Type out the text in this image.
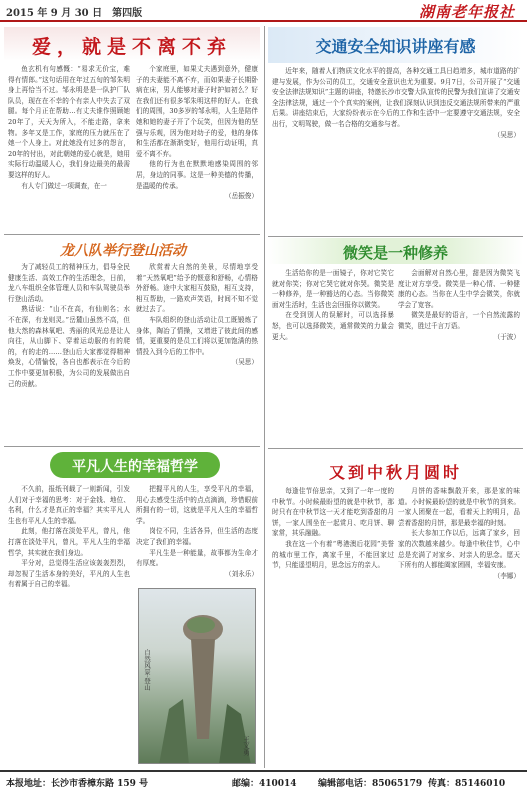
2015 年 9 月 30 日　第四版	湖南老年报社
爱，就是不离不弃

鱼玄机有句感慨：“易求无价宝，难得有情郎。”这句话用在年过五旬的邹朱明身上再恰当不过。邹永明是是一队护厂队队员，现在在不幸的个有亲人中失去了双腿。每个月正在帮助…有丈夫谁作照顾她20年了，天天为所入，不能走路，拿来物。多年又是工作，家庭的压力就压在了她一个人身上。对此她没有过多的怨言，20年的付出，对此朝她的爱心就是，她用实际行动温暖人心，我们身边最美的最需要这样的好人。

有人专门做过一项调查，在一

个家庭里，如果丈夫遇到意外，健康子的夫妻能不离不弃，而如果妻子长期卧病在床，男人能够对妻子时护如初么？好在我们还有很多邹朱明这样的好人。在我们的周围，30多岁的邹永明，人生是陪伴她和她的妻子开了个玩笑，但因为他的坚强与乐观，因为他对幼子的爱，他的身体和生活都在渐渐变好，他用行动证明，真爱不离不弃。

他的行为也在默默地感染周围的邻居，身边的同事。这是一种美德的传播，是温暖的传承。

（岳振俊）
龙八队举行登山活动

为了减轻员工的精神压力，倡导全民健康生活、高效工作的生活理念，日前，龙八车组织全体管理人员和车队驾驶员举行登山活动。

熟话说：“山不在高，有仙则名；水不在深，有龙则灵。”岳麓山虽然不高，但他大然的森林氧吧、秀丽的风光总是让人向往，从山脚下、穿着运动服的有的爬的，有的走的……登山后大家都觉得精神焕发，心情愉悦，各自也都表示在今后的工作中要更加积极，为公司的发展做出自己的贡献。

欣赏着大自然的美景，尽情地享受着“天然氧吧”给予的惬意和舒畅，心情格外舒畅。途中大家相互鼓励，相互支持，相互帮助，一路欢声笑语，时间不知不觉就过去了。

车队组织的登山活动让员工既锻炼了身体，陶冶了情操，又增进了彼此间的感情，更重要的是员工们将以更加饱满的热情投入到今后的工作中。

（吴思）
平凡人生的幸福哲学

不久前，报纸刊载了一则新闻，引发人们对于幸福的思考：对于金钱、地位、名利，什么才是真正的幸福？其实平凡人生也有平凡人生的幸福。

此刻，他打落在淡处平凡，曾凡，他打落在淡处平凡，曾凡，平凡人生的幸福哲学，其实就在我们身边。

平分对，总觉得生活应该轰轰烈烈，却忽视了生活本身的美好，平凡的人生也有着属于自己的幸福。

把握平凡的人生，享受平凡的幸福，用心去感受生活中的点点滴滴，珍惜眼前所拥有的一切，这就是平凡人生的幸福哲学。

岗位不同，生活各异，但生活的态度决定了我们的幸福。

平凡生是一种能量，故事都为生命才有厚度。

（刘永乐）
自然风景·登山
王义勇
交通安全知识讲座有感

近年来，随着人们物质文化水平的提高，各种交通工具日趋增多，城市道路的扩建与发展，作为公司的员工，交通安全意识也尤为重要。9月7日，公司开展了“交通安全法律法规知识”主题的讲座，特邀长沙市交警大队宣传的民警为我们宣讲了交通安全法律法规，通过一个个真实的案例，让我们深刻认识到违反交通法规所带来的严重后果。讲座结束后，大家纷纷表示在今后的工作和生活中一定要遵守交通法规，安全出行，文明驾驶，做一名合格的交通参与者。

（吴思）
微笑是一种修养

生活给你的是一面镜子，你对它笑它就对你笑；你对它哭它就对你哭。微笑是一种修养，是一种豁达的心态。当你微笑面对生活时，生活也会回报你以微笑。

在受到别人的误解时，可以选择暴怒，也可以选择微笑，通常微笑的力量会更大。

会面解对自然心里，甜是因为微笑飞度让对方享受。微笑是一种心情、一种健康的心态。当你在人生中学会微笑，你就学会了宽容。

微笑是最好的语言，一个自然流露的微笑，胜过千言万语。

（于波）
又到中秋月圆时

每逢佳节倍思亲，又到了一年一度的中秋节。小时候最盼望的就是中秋节，那时只有在中秋节这一天才能吃到香甜的月饼，一家人围坐在一起赏月、吃月饼、聊家常，其乐融融。

我在这一个有着“粤港澳后花园”美誉的城市里工作，离家千里，不能回家过节，只能遥望明月，思念远方的亲人。

月饼的香味飘散开来，那是家的味道。小时候最盼望的就是中秋节的到来。一家人团聚在一起，看着天上的明月，品尝着香甜的月饼，那是最幸福的时刻。

长大参加工作以后，远离了家乡，回家的次数越来越少。每逢中秋佳节，心中总是充满了对家乡、对亲人的思念。愿天下所有的人都能阖家团圆，幸福安康。

（李娜）
本报地址：长沙市香樟东路 159 号	邮编：410014 编辑部电话：85065179 传真：85146010
